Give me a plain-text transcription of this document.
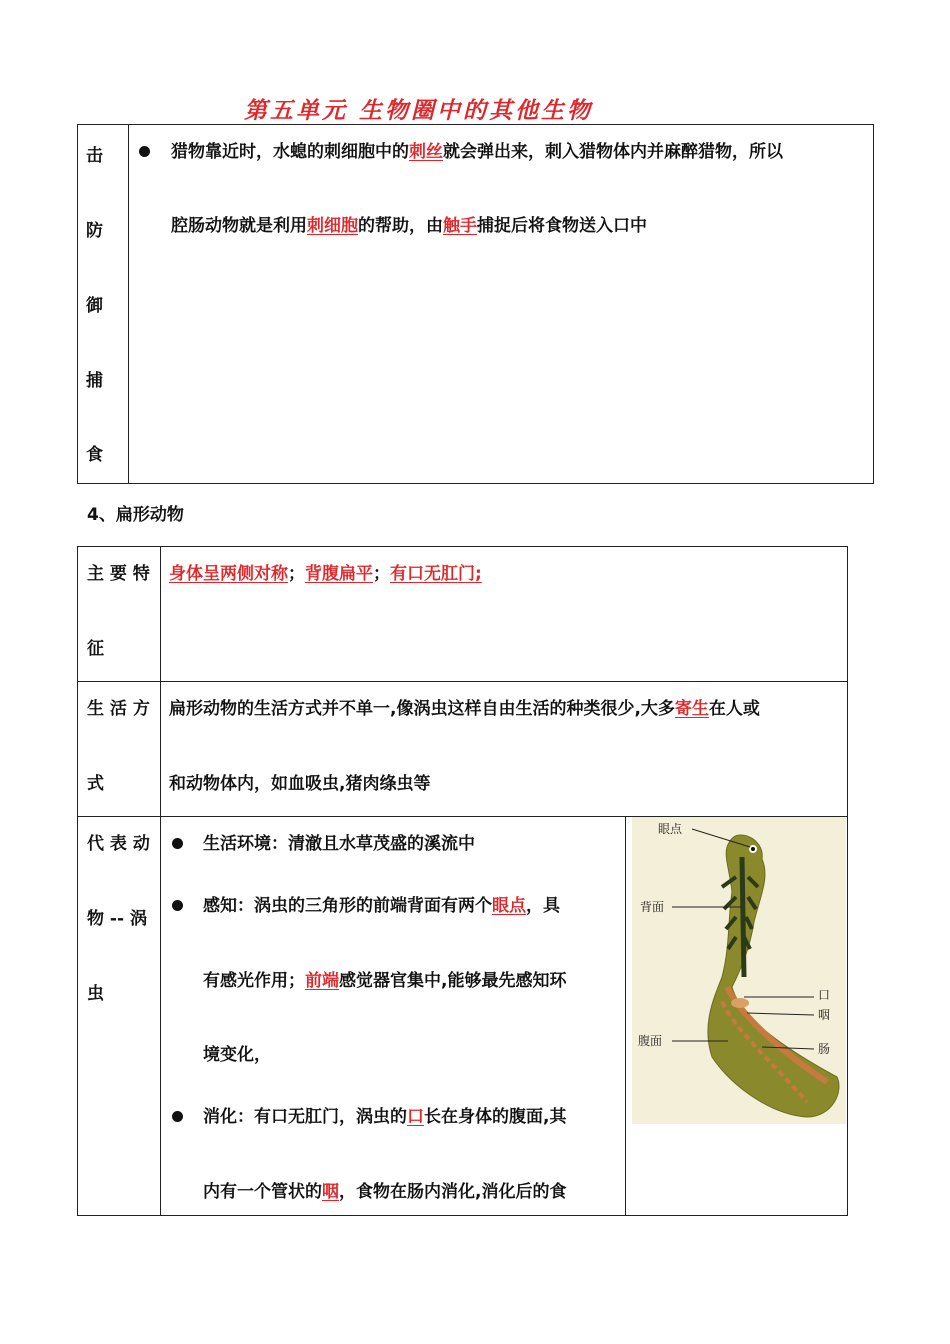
第五单元 生物圈中的其他生物
击
防
御
捕
食
猎物靠近时，水螅的刺细胞中的刺丝就会弹出来，刺入猎物体内并麻醉猎物，所以
腔肠动物就是利用刺细胞的帮助，由触手捕捉后将食物送入口中
4、扁形动物
主 要 特
征
身体呈两侧对称；背腹扁平；有口无肛门;
生 活 方
式
扁形动物的生活方式并不单一,像涡虫这样自由生活的种类很少,大多寄生在人或
和动物体内，如血吸虫,猪肉绦虫等
代 表 动
物 -- 涡
虫
生活环境：清澈且水草茂盛的溪流中
感知：涡虫的三角形的前端背面有两个眼点，具
有感光作用；前端感觉器官集中,能够最先感知环
境变化，
消化：有口无肛门，涡虫的口长在身体的腹面,其
内有一个管状的咽，食物在肠内消化,消化后的食
眼点
背面
口
咽
腹面
肠
